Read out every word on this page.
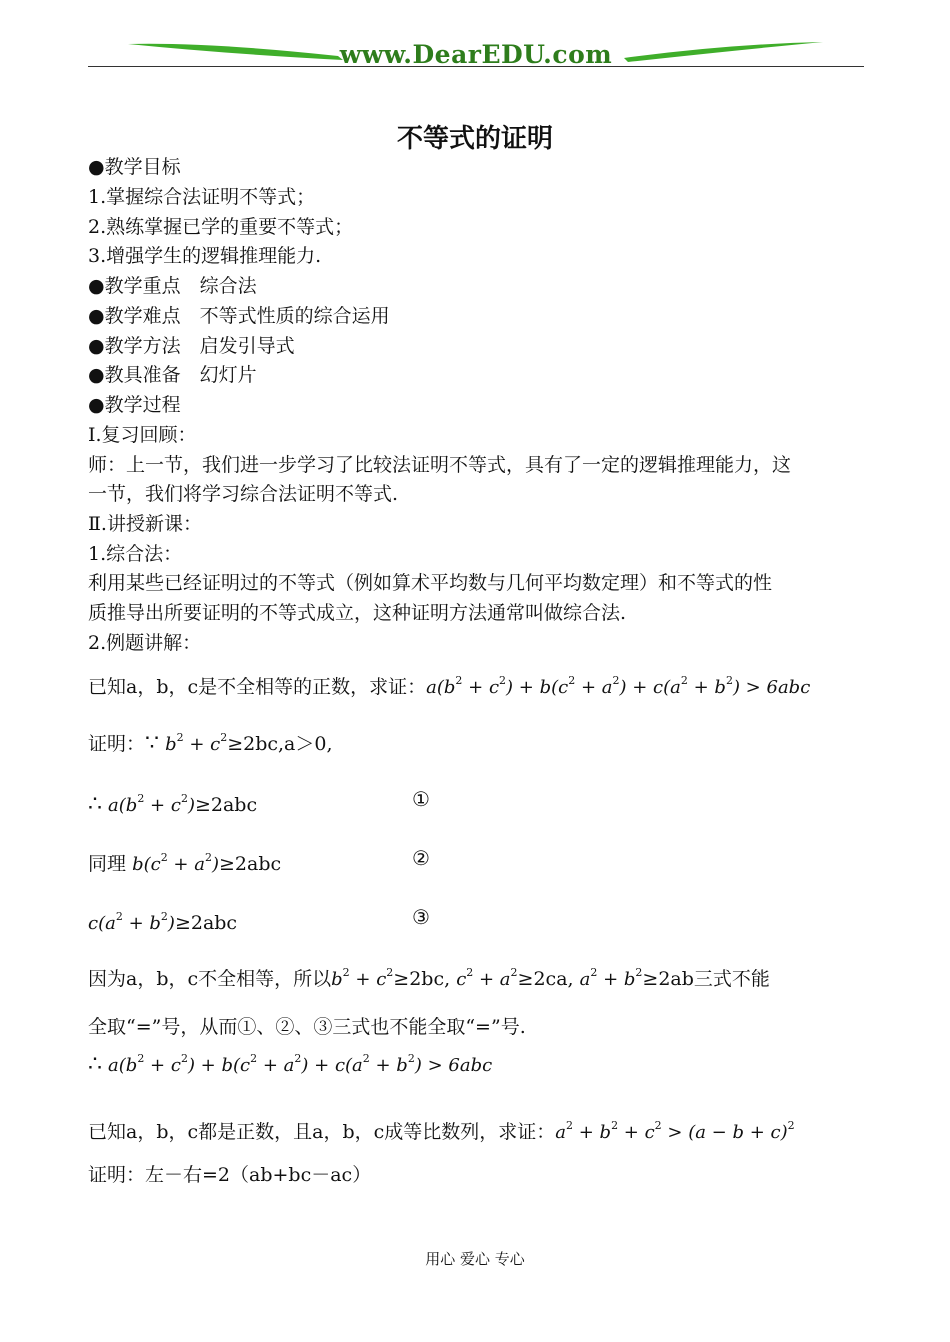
www.DearEDU.com
不等式的证明
●教学目标
1.掌握综合法证明不等式；
2.熟练掌握已学的重要不等式；
3.增强学生的逻辑推理能力.
●教学重点　综合法
●教学难点　不等式性质的综合运用
●教学方法　启发引导式
●教具准备　幻灯片
●教学过程
Ⅰ.复习回顾：
师：上一节，我们进一步学习了比较法证明不等式，具有了一定的逻辑推理能力，这
一节，我们将学习综合法证明不等式.
Ⅱ.讲授新课：
1.综合法：
利用某些已经证明过的不等式（例如算术平均数与几何平均数定理）和不等式的性
质推导出所要证明的不等式成立，这种证明方法通常叫做综合法.
2.例题讲解：
已知a，b，c是不全相等的正数，求证：$a(b^2 + c^2) + b(c^2 + a^2) + c(a^2 + b^2) > 6abc$
证明：∵ $b^2 + c^2\ge 2bc,a>0$,
∴ $a(b^2 + c^2)\ge 2abc$	①
同理 $b(c^2 + a^2)\ge 2abc$	②
$c(a^2 + b^2)\ge 2abc$	③
因为a，b，c不全相等，所以$b^2 + c^2\ge 2bc$, $c^2 + a^2\ge 2ca$, $a^2 + b^2\ge 2ab$三式不能
全取“=”号，从而①、②、③三式也不能全取“=”号.
∴ $a(b^2 + c^2) + b(c^2 + a^2) + c(a^2 + b^2) > 6abc$
已知a，b，c都是正数，且a，b，c成等比数列，求证：$a^2 + b^2 + c^2 > (a - b + c)^2$
证明：左－右=2（ab+bc－ac）
用心 爱心 专心
